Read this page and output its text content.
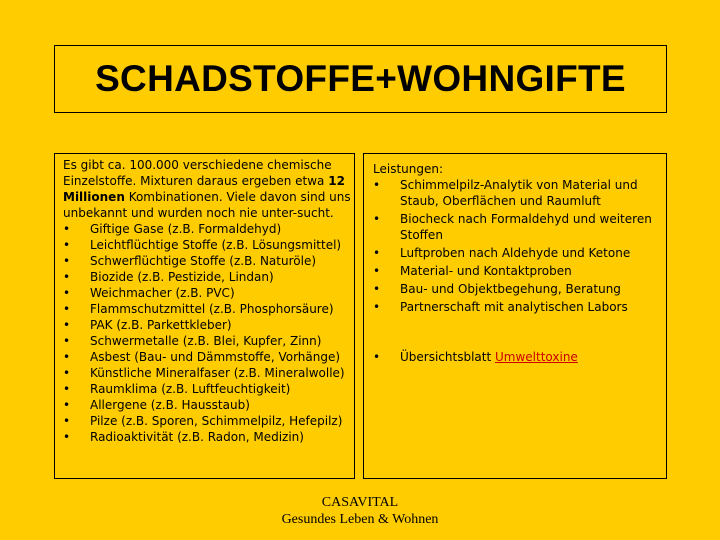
SCHADSTOFFE+WOHNGIFTE

Es gibt ca. 100.000 verschiedene chemische Einzelstoffe. Mixturen daraus ergeben etwa 12 Millionen Kombinationen. Viele davon sind uns unbekannt und wurden noch nie unter-sucht.

• Giftige Gase (z.B. Formaldehyd)
• Leichtflüchtige Stoffe (z.B. Lösungsmittel)
• Schwerflüchtige Stoffe (z.B. Naturöle)
• Biozide (z.B. Pestizide, Lindan)
• Weichmacher (z.B. PVC)
• Flammschutzmittel (z.B. Phosphorsäure)
• PAK (z.B. Parkettkleber)
• Schwermetalle (z.B. Blei, Kupfer, Zinn)
• Asbest (Bau- und Dämmstoffe, Vorhänge)
• Künstliche Mineralfaser (z.B. Mineralwolle)
• Raumklima (z.B. Luftfeuchtigkeit)
• Allergene (z.B. Hausstaub)
• Pilze (z.B. Sporen, Schimmelpilz, Hefepilz)
• Radioaktivität (z.B. Radon, Medizin)

Leistungen:

• Schimmelpilz-Analytik von Material und Staub, Oberflächen und Raumluft
• Biocheck nach Formaldehyd und weiteren Stoffen
• Luftproben nach Aldehyde und Ketone
• Material- und Kontaktproben
• Bau- und Objektbegehung, Beratung
• Partnerschaft mit analytischen Labors
• Übersichtsblatt Umwelttoxine
CASAVITAL
Gesundes Leben & Wohnen
